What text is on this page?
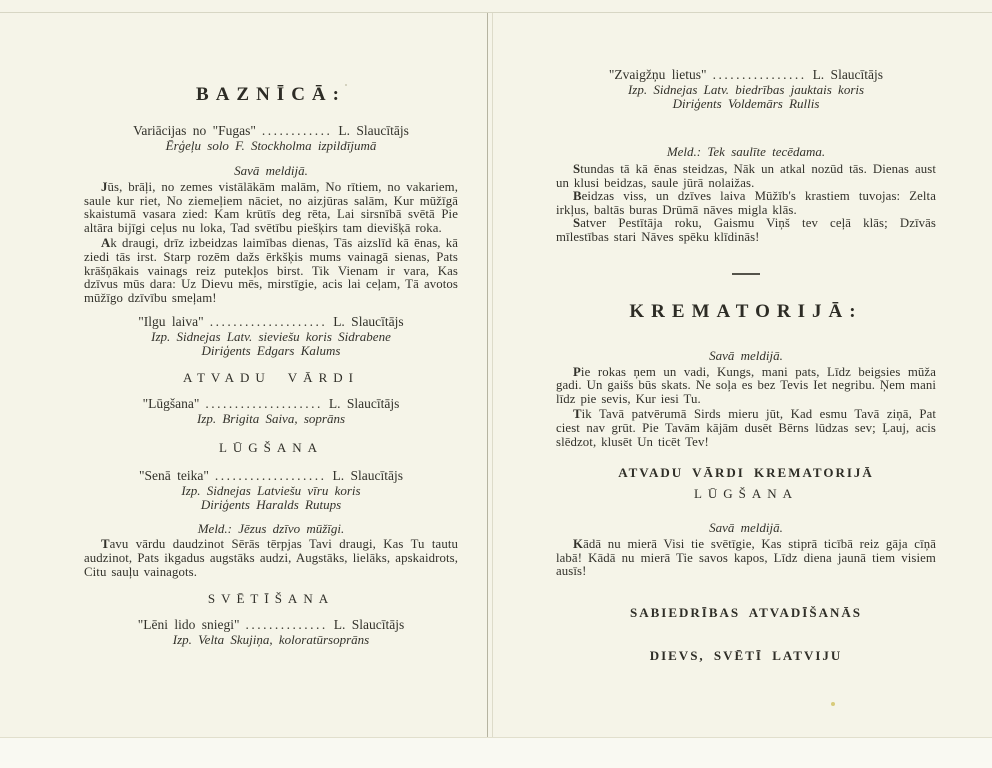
BAZNĪCĀ:
Variācijas no "Fugas" ............ L. Slaucītājs
Ērģeļu solo F. Stockholma izpildījumā
Savā meldijā.

Jūs, brāļi, no zemes vistālākām malām, No rītiem, no vakariem, saule kur riet, No ziemeļiem nāciet, no aizjūras salām, Kur mūžīgā skaistumā vasara zied: Kam krūtīs deg rēta, Lai sirsnībā svētā Pie altāra bijīgi ceļus nu loka, Tad svētību piešķirs tam dievišķā roka.

Ak draugi, drīz izbeidzas laimības dienas, Tās aizslīd kā ēnas, kā ziedi tās irst. Starp rozēm dažs ērkšķis mums vainagā sienas, Pats krāšņākais vainags reiz putekļos birst. Tik Vienam ir vara, Kas dzīvus mūs dara: Uz Dievu mēs, mirstīgie, acis lai ceļam, Tā avotos mūžīgo dzīvību smeļam!

"Ilgu laiva" .................... L. Slaucītājs
Izp. Sidnejas Latv. sieviešu koris Sidrabene
Diriģents Edgars Kalums
ATVADU VĀRDI
"Lūgšana" .................... L. Slaucītājs
Izp. Brigita Saiva, soprāns
LŪGŠANA
"Senā teika" ................... L. Slaucītājs
Izp. Sidnejas Latviešu vīru koris
Diriģents Haralds Rutups
Meld.: Jēzus dzīvo mūžīgi.

Tavu vārdu daudzinot Sērās tērpjas Tavi draugi, Kas Tu tautu audzinot, Pats ikgadus augstāks audzi, Augstāks, lielāks, apskaidrots, Citu sauļu vainagots.

SVĒTĪŠANA
"Lēni lido sniegi" .............. L. Slaucītājs
Izp. Velta Skujiņa, koloratūrsoprāns
"Zvaigžņu lietus" ................ L. Slaucītājs
Izp. Sidnejas Latv. biedrības jauktais koris
Diriģents Voldemārs Rullis
Meld.: Tek saulīte tecēdama.

Stundas tā kā ēnas steidzas, Nāk un atkal nozūd tās. Dienas aust un klusi beidzas, saule jūrā nolaižas.

Beidzas viss, un dzīves laiva Mūžīb's krastiem tuvojas: Zelta irkļus, baltās buras Drūmā nāves migla klās.

Satver Pestītāja roku, Gaismu Viņš tev ceļā klās; Dzīvās mīlestības stari Nāves spēku klīdinās!

KREMATORIJĀ:
Savā meldijā.

Pie rokas ņem un vadi, Kungs, mani pats, Līdz beigsies mūža gadi. Un gaišs būs skats. Ne soļa es bez Tevis Iet negribu. Ņem mani līdz pie sevis, Kur iesi Tu.

Tik Tavā patvērumā Sirds mieru jūt, Kad esmu Tavā ziņā, Pat ciest nav grūt. Pie Tavām kājām dusēt Bērns lūdzas sev; Ļauj, acis slēdzot, klusēt Un ticēt Tev!

ATVADU VĀRDI KREMATORIJĀ
LŪGŠANA
Savā meldijā.

Kādā nu mierā Visi tie svētīgie, Kas stiprā ticībā reiz gāja cīņā labā! Kādā nu mierā Tie savos kapos, Līdz diena jaunā tiem visiem ausīs!

SABIEDRĪBAS ATVADĪŠANĀS
DIEVS, SVĒTĪ LATVIJU
